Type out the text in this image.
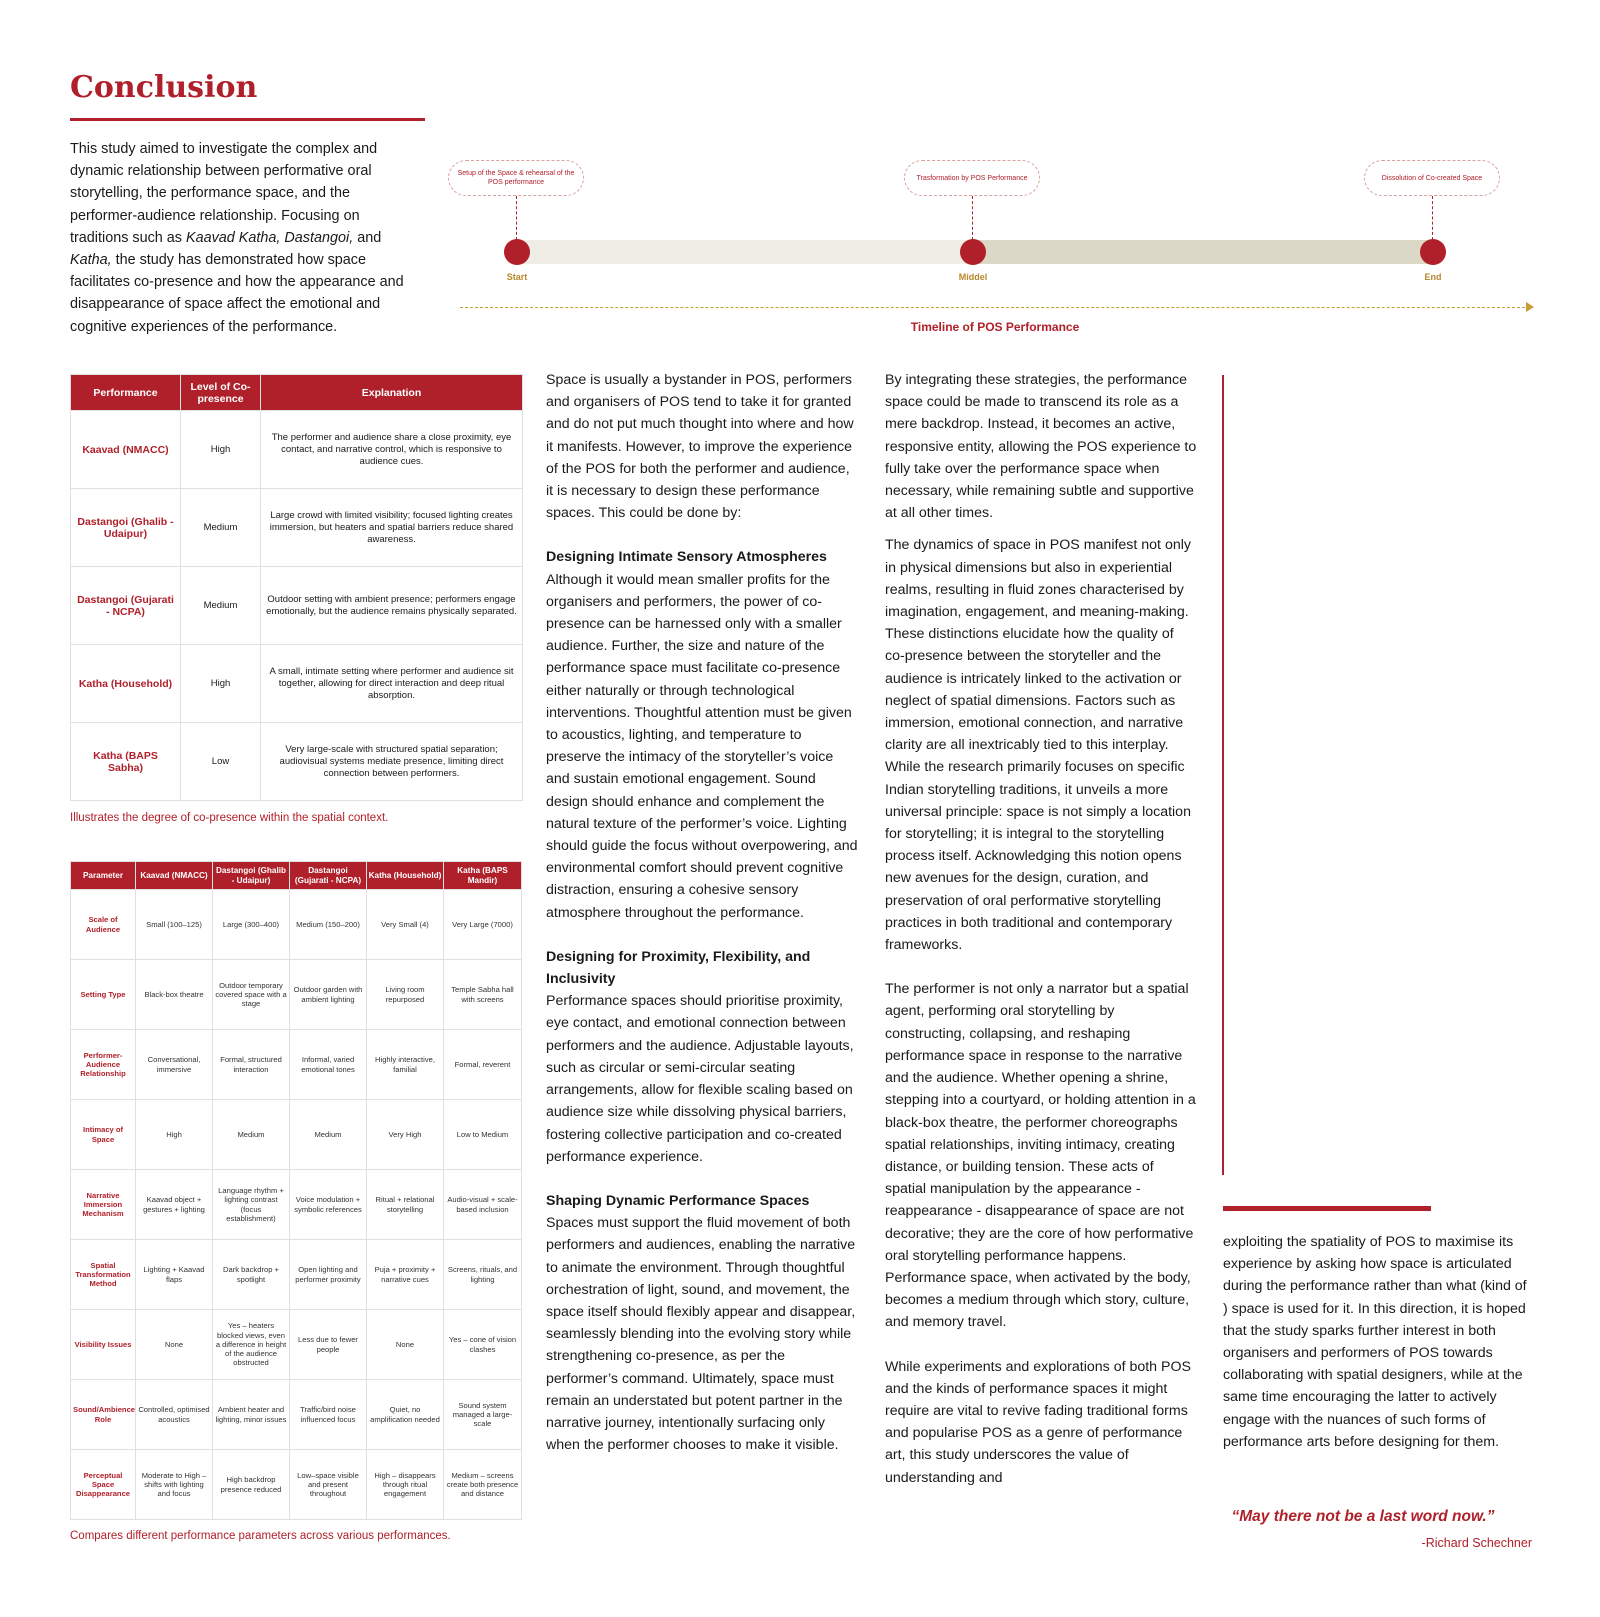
Conclusion

This study aimed to investigate the complex and dynamic relationship between performative oral storytelling, the performance space, and the performer-audience relationship. Focusing on traditions such as Kaavad Katha, Dastangoi, and Katha, the study has demonstrated how space facilitates co-presence and how the appearance and disappearance of space affect the emotional and cognitive experiences of the performance.

Setup of the Space & rehearsal of the POS performance
Trasformation by POS Performance	Dissolution of Co-created Space
Start	Middel	End
Timeline of POS Performance
Performance	Level of Co-presence	Explanation
Kaavad (NMACC)	High	The performer and audience share a close proximity, eye contact, and narrative control, which is responsive to audience cues.
Dastangoi (Ghalib - Udaipur)	Medium	Large crowd with limited visibility; focused lighting creates immersion, but heaters and spatial barriers reduce shared awareness.
Dastangoi (Gujarati - NCPA)	Medium	Outdoor setting with ambient presence; performers engage emotionally, but the audience remains physically separated.
Katha (Household)	High	A small, intimate setting where performer and audience sit together, allowing for direct interaction and deep ritual absorption.
Katha (BAPS Sabha)	Low	Very large-scale with structured spatial separation; audiovisual systems mediate presence, limiting direct connection between performers.
Illustrates the degree of co-presence within the spatial context.
Parameter	Kaavad (NMACC)	Dastangoi (Ghalib - Udaipur)	Dastangoi (Gujarati - NCPA)	Katha (Household)	Katha (BAPS Mandir)
Scale of Audience	Small (100–125)	Large (300–400)	Medium (150–200)	Very Small (4)	Very Large (7000)
Setting Type	Black-box theatre	Outdoor temporary covered space with a stage	Outdoor garden with ambient lighting	Living room repurposed	Temple Sabha hall with screens
Performer-Audience Relationship	Conversational, immersive	Formal, structured interaction	Informal, varied emotional tones	Highly interactive, familial	Formal, reverent
Intimacy of Space	High	Medium	Medium	Very High	Low to Medium
Narrative Immersion Mechanism	Kaavad object + gestures + lighting	Language rhythm + lighting contrast (focus establishment)	Voice modulation + symbolic references	Ritual + relational storytelling	Audio-visual + scale-based inclusion
Spatial Transformation Method	Lighting + Kaavad flaps	Dark backdrop + spotlight	Open lighting and performer proximity	Puja + proximity + narrative cues	Screens, rituals, and lighting
Visibility Issues	None	Yes – heaters blocked views, even a difference in height of the audience obstructed	Less due to fewer people	None	Yes – cone of vision clashes
Sound/Ambience Role	Controlled, optimised acoustics	Ambient heater and lighting, minor issues	Traffic/bird noise influenced focus	Quiet, no amplification needed	Sound system managed a large-scale
Perceptual Space Disappearance	Moderate to High – shifts with lighting and focus	High backdrop presence reduced	Low–space visible and present throughout	High – disappears through ritual engagement	Medium – screens create both presence and distance
Compares different performance parameters across various performances.

Space is usually a bystander in POS, performers and organisers of POS tend to take it for granted and do not put much thought into where and how it manifests. However, to improve the experience of the POS for both the performer and audience, it is necessary to design these performance spaces. This could be done by:

Designing Intimate Sensory Atmospheres

Although it would mean smaller profits for the organisers and performers, the power of co-presence can be harnessed only with a smaller audience. Further, the size and nature of the performance space must facilitate co-presence either naturally or through technological interventions. Thoughtful attention must be given to acoustics, lighting, and temperature to preserve the intimacy of the storyteller’s voice and sustain emotional engagement. Sound design should enhance and complement the natural texture of the performer’s voice. Lighting should guide the focus without overpowering, and environmental comfort should prevent cognitive distraction, ensuring a cohesive sensory atmosphere throughout the performance.

Designing for Proximity, Flexibility, and Inclusivity

Performance spaces should prioritise proximity, eye contact, and emotional connection between performers and the audience. Adjustable layouts, such as circular or semi-circular seating arrangements, allow for flexible scaling based on audience size while dissolving physical barriers, fostering collective participation and co-created performance experience.

Shaping Dynamic Performance Spaces

Spaces must support the fluid movement of both performers and audiences, enabling the narrative to animate the environment. Through thoughtful orchestration of light, sound, and movement, the space itself should flexibly appear and disappear, seamlessly blending into the evolving story while strengthening co-presence, as per the performer’s command. Ultimately, space must remain an understated but potent partner in the narrative journey, intentionally surfacing only when the performer chooses to make it visible.

By integrating these strategies, the performance space could be made to transcend its role as a mere backdrop. Instead, it becomes an active, responsive entity, allowing the POS experience to fully take over the performance space when necessary, while remaining subtle and supportive at all other times.

The dynamics of space in POS manifest not only in physical dimensions but also in experiential realms, resulting in fluid zones characterised by imagination, engagement, and meaning-making. These distinctions elucidate how the quality of co-presence between the storyteller and the audience is intricately linked to the activation or neglect of spatial dimensions. Factors such as immersion, emotional connection, and narrative clarity are all inextricably tied to this interplay. While the research primarily focuses on specific Indian storytelling traditions, it unveils a more universal principle: space is not simply a location for storytelling; it is integral to the storytelling process itself. Acknowledging this notion opens new avenues for the design, curation, and preservation of oral performative storytelling practices in both traditional and contemporary frameworks.

The performer is not only a narrator but a spatial agent, performing oral storytelling by constructing, collapsing, and reshaping performance space in response to the narrative and the audience. Whether opening a shrine, stepping into a courtyard, or holding attention in a black-box theatre, the performer choreographs spatial relationships, inviting intimacy, creating distance, or building tension. These acts of spatial manipulation by the appearance - reappearance - disappearance of space are not decorative; they are the core of how performative oral storytelling performance happens. Performance space, when activated by the body, becomes a medium through which story, culture, and memory travel.

While experiments and explorations of both POS and the kinds of performance spaces it might require are vital to revive fading traditional forms and popularise POS as a genre of performance art, this study underscores the value of understanding and

exploiting the spatiality of POS to maximise its experience by asking how space is articulated during the performance rather than what (kind of ) space is used for it. In this direction, it is hoped that the study sparks further interest in both organisers and performers of POS towards collaborating with spatial designers, while at the same time encouraging the latter to actively engage with the nuances of such forms of performance arts before designing for them.

“May there not be a last word now.”
-Richard Schechner
